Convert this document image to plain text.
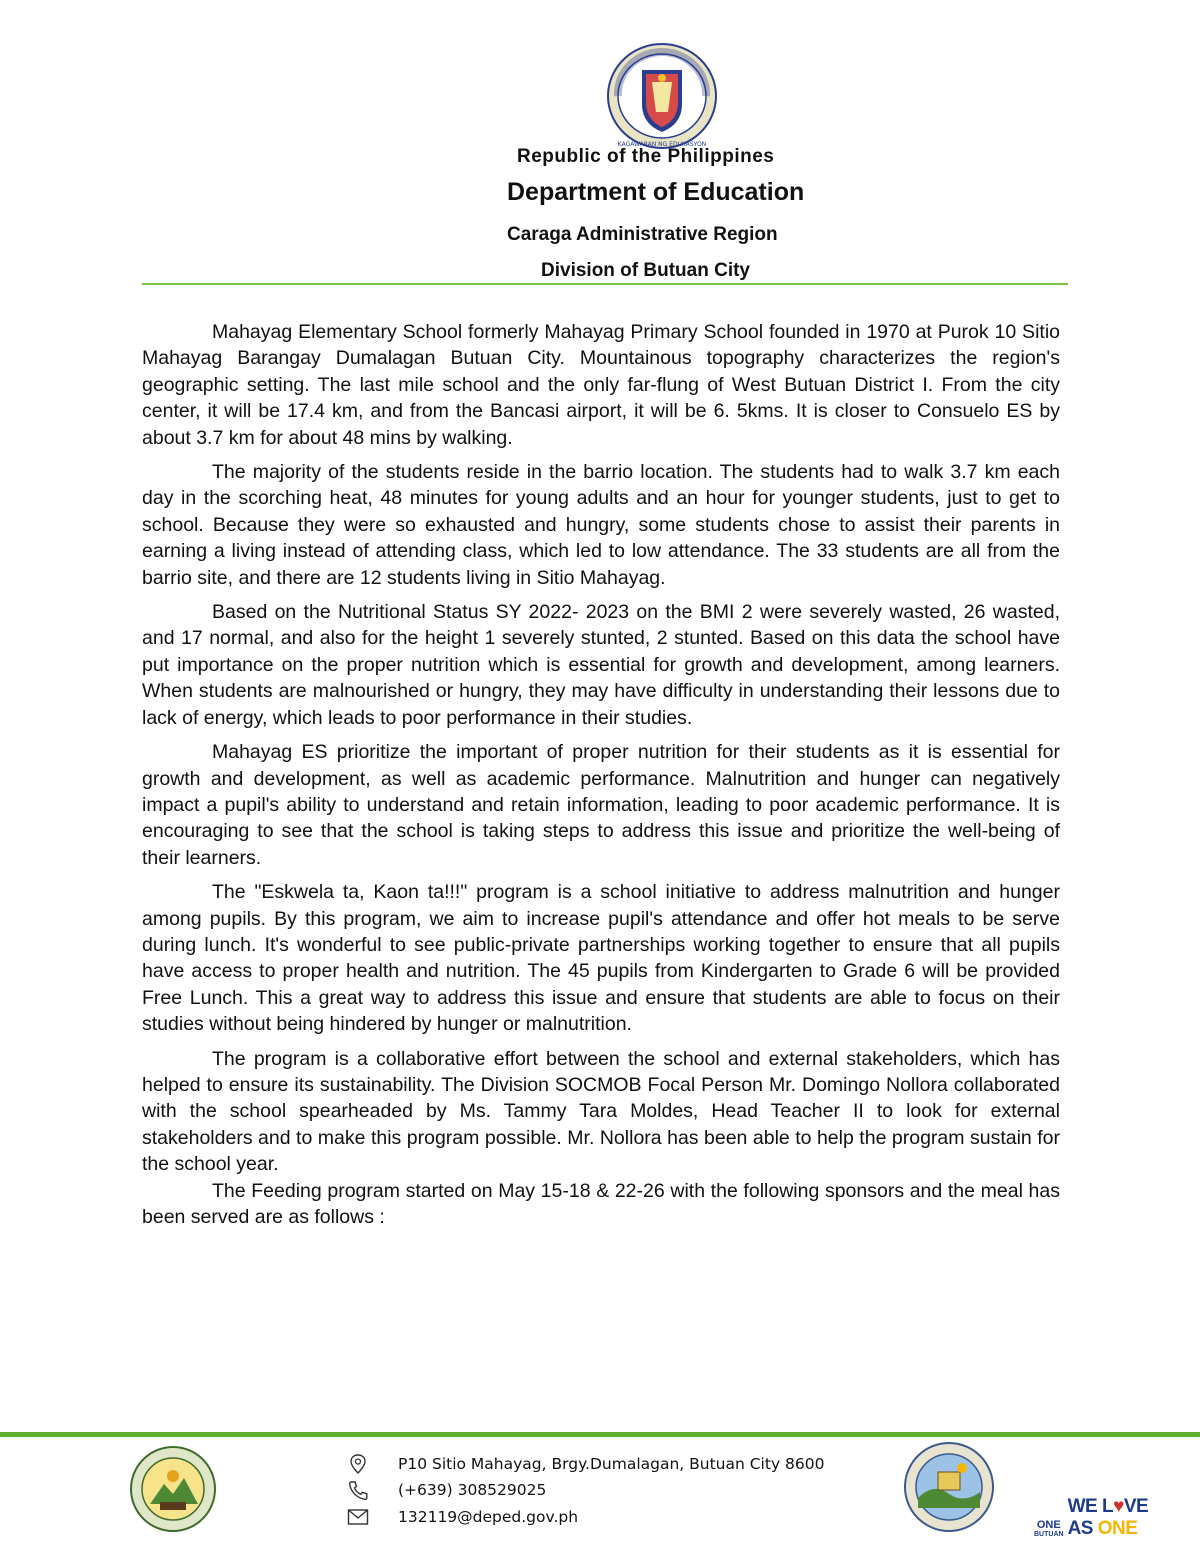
KAGAWARAN NG EDUKASYON
Republic of the Philippines
Department of Education
Caraga Administrative Region
Division of Butuan City

Mahayag Elementary School formerly Mahayag Primary School founded in 1970 at Purok 10 Sitio Mahayag Barangay Dumalagan Butuan City. Mountainous topography characterizes the region's geographic setting. The last mile school and the only far-flung of West Butuan District I. From the city center, it will be 17.4 km, and from the Bancasi airport, it will be 6. 5kms. It is closer to Consuelo ES by about 3.7 km for about 48 mins by walking.

The majority of the students reside in the barrio location. The students had to walk 3.7 km each day in the scorching heat, 48 minutes for young adults and an hour for younger students, just to get to school. Because they were so exhausted and hungry, some students chose to assist their parents in earning a living instead of attending class, which led to low attendance. The 33 students are all from the barrio site, and there are 12 students living in Sitio Mahayag.

Based on the Nutritional Status SY 2022- 2023 on the BMI 2 were severely wasted, 26 wasted, and 17 normal, and also for the height 1 severely stunted, 2 stunted. Based on this data the school have put importance on the proper nutrition which is essential for growth and development, among learners. When students are malnourished or hungry, they may have difficulty in understanding their lessons due to lack of energy, which leads to poor performance in their studies.

Mahayag ES prioritize the important of proper nutrition for their students as it is essential for growth and development, as well as academic performance. Malnutrition and hunger can negatively impact a pupil's ability to understand and retain information, leading to poor academic performance. It is encouraging to see that the school is taking steps to address this issue and prioritize the well-being of their learners.

The "Eskwela ta, Kaon ta!!!" program is a school initiative to address malnutrition and hunger among pupils. By this program, we aim to increase pupil's attendance and offer hot meals to be serve during lunch. It's wonderful to see public-private partnerships working together to ensure that all pupils have access to proper health and nutrition. The 45 pupils from Kindergarten to Grade 6 will be provided Free Lunch. This a great way to address this issue and ensure that students are able to focus on their studies without being hindered by hunger or malnutrition.

The program is a collaborative effort between the school and external stakeholders, which has helped to ensure its sustainability. The Division SOCMOB Focal Person Mr. Domingo Nollora collaborated with the school spearheaded by Ms. Tammy Tara Moldes, Head Teacher II to look for external stakeholders and to make this program possible. Mr. Nollora has been able to help the program sustain for the school year.

The Feeding program started on May 15-18 & 22-26 with the following sponsors and the meal has been served are as follows :

P10 Sitio Mahayag, Brgy.Dumalagan, Butuan City 8600
(+639) 308529025
132119@deped.gov.ph	ONE
BUTUAN
WE L♥VE AS ONE
